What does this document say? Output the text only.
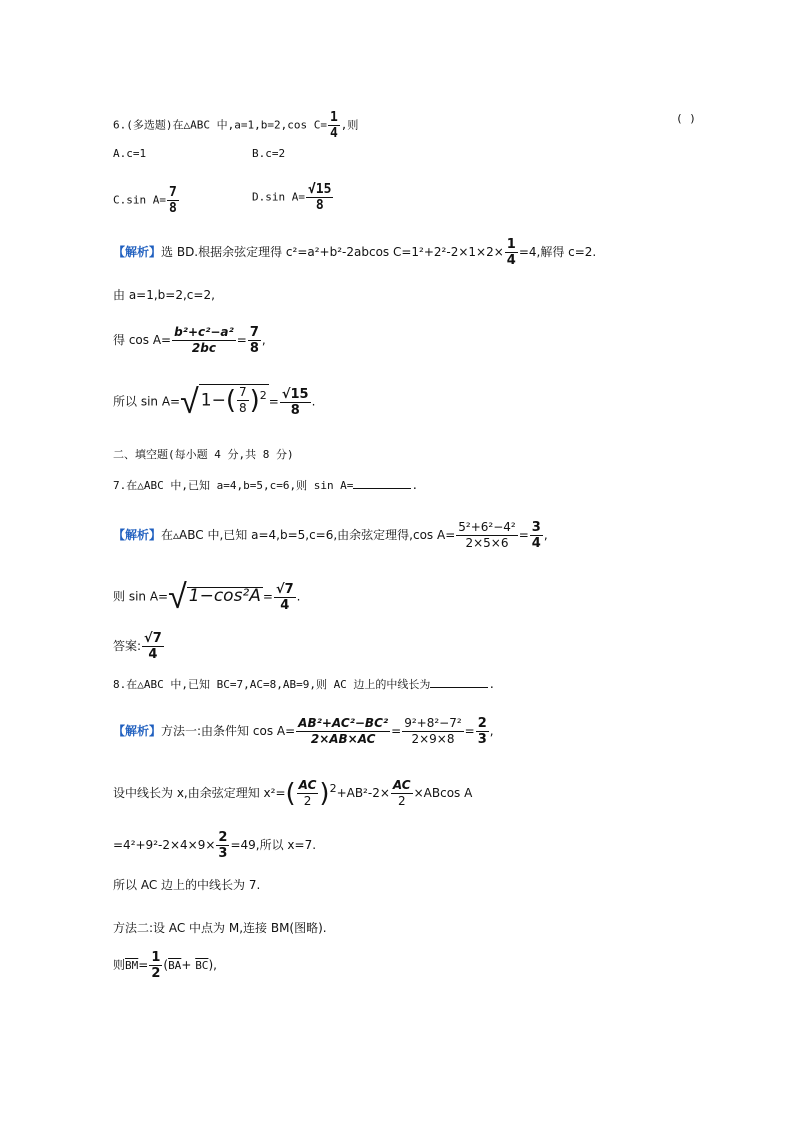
6.(多选题)在△ABC 中,a=1,b=2,cos $C= \frac{1}{4}$ ,则	( )
A.c=1	B.c=2
C.sin $A= \frac{7}{8}$	D.sin $A= \frac{√15}{8}$
【解析】选 BD.根据余弦定理得 c²=a²+b²-2abcos $C=1^2+2^2-2\times 1\times 2\times \frac{1}{4} =4$,解得 c=2.
由 a=1,b=2,c=2,
得 $\cos A= \frac{\text{b²+c²−a²}}{2bc} = \frac{7}{8}$ ,
所以 sin A=√ $1-( \frac{7}{8} )^2 = \frac{√15}{8}$ .
二、填空题(每小题 4 分,共 8 分)
7.在△ABC 中,已知 a=4,b=5,c=6,则 sin A=	.
【解析】在▵ABC 中,已知 a=4,b=5,c=6,由余弦定理得,cos $A= \frac{\text{5²+6²−4²}}{2\times 5\times 6} = \frac{3}{4}$ ,
则 sin A=√ $1-\cos^2A = \frac{√7}{4}$ .
答案: $\frac{√7}{4}$
8.在△ABC 中,已知 BC=7,AC=8,AB=9,则 AC 边上的中线长为	.
【解析】方法一:由条件知 $\cos A= \frac{\text{AB²+AC²−BC²}}{2\times AB\times AC} = \frac{\text{9²+8²−7²}}{2\times 9\times 8} = \frac{2}{3}$ ,
设中线长为 x,由余弦定理知 $x^2=( \frac{AC}{2} )^2+AB^2-2\times \frac{AC}{2} \times ABcos$ A
$=4^2+9^2-2\times 4\times 9\times \frac{2}{3} =49$,所以 x=7.
所以 AC 边上的中线长为 7.
方法二:设 AC 中点为 M,连接 BM(图略).
则$\overline{BM}= \frac{1}{2} (\overline{BA}+ \overline{BC})$,
